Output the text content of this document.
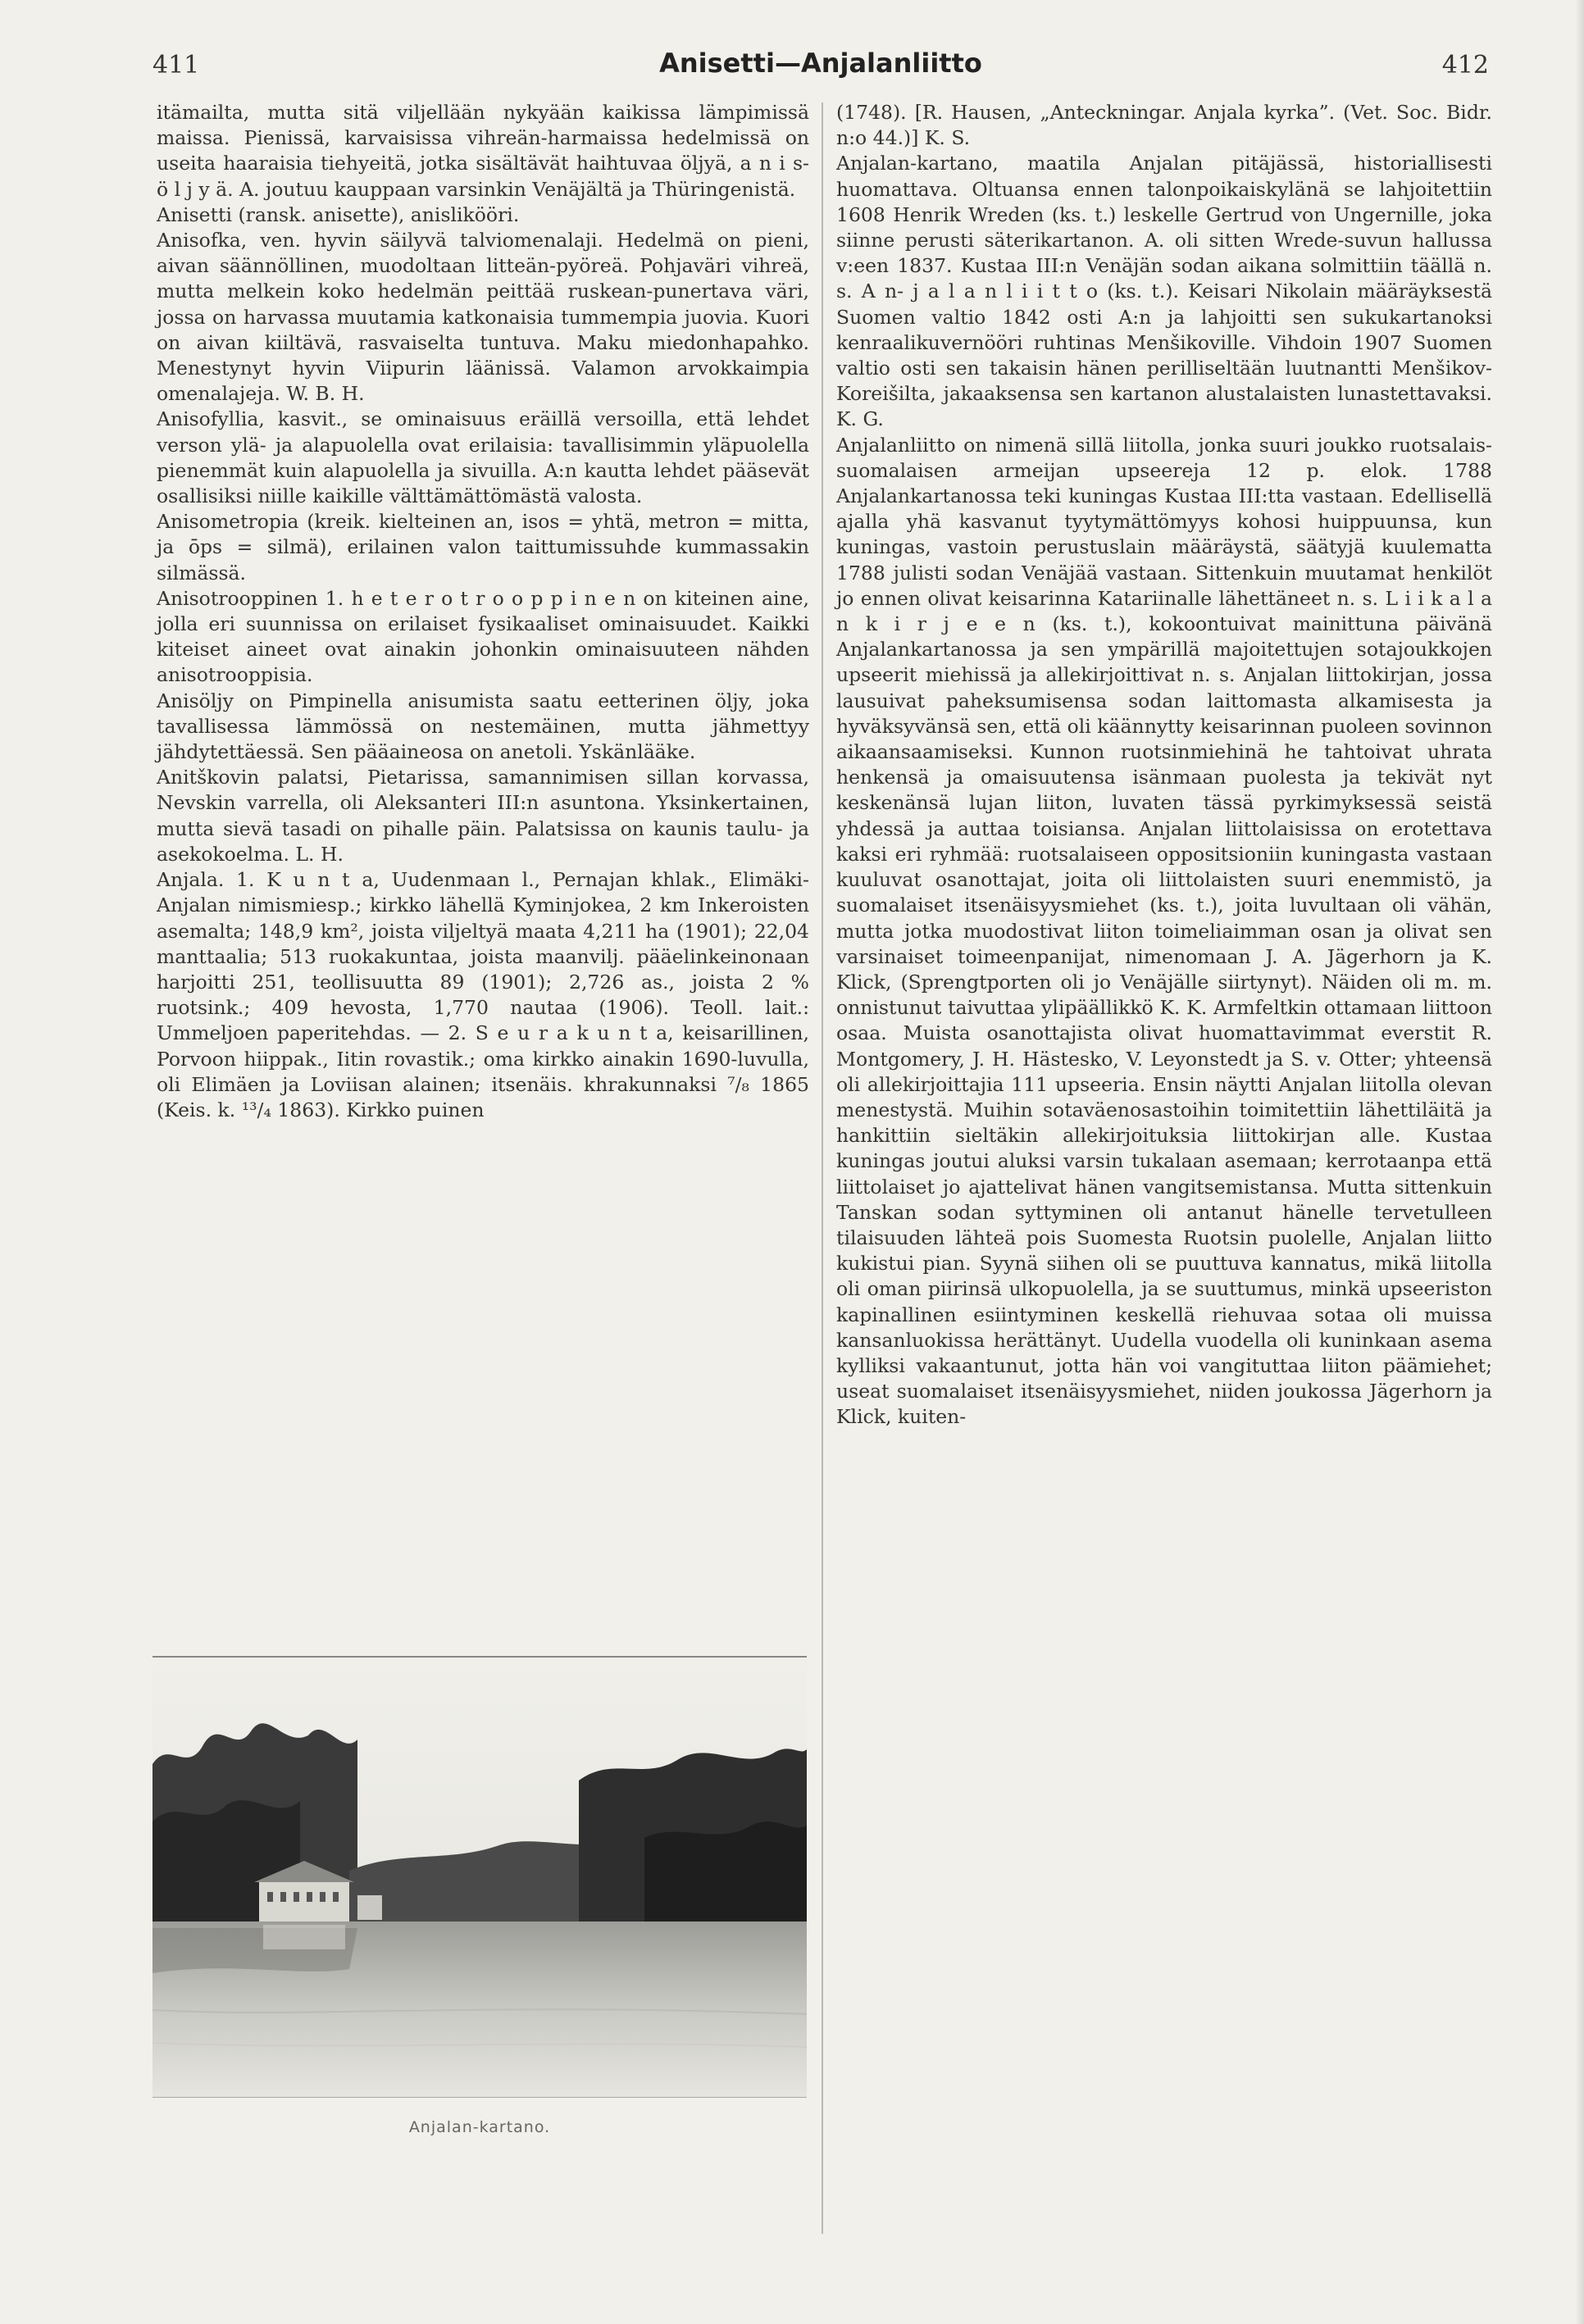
411	Anisetti—Anjalanliitto	412

itämailta, mutta sitä viljellään nykyään kaikissa lämpimissä maissa. Pienissä, karvaisissa vihreän-harmaissa hedelmissä on useita haaraisia tiehyeitä, jotka sisältävät haihtuvaa öljyä, a n i s- ö l j y ä. A. joutuu kauppaan varsinkin Venäjältä ja Thüringenistä.

Anisetti (ransk. anisette), anislikööri.

Anisofka, ven. hyvin säilyvä talviomenalaji. Hedelmä on pieni, aivan säännöllinen, muodoltaan litteän-pyöreä. Pohjaväri vihreä, mutta melkein koko hedelmän peittää ruskean-punertava väri, jossa on harvassa muutamia katkonaisia tummempia juovia. Kuori on aivan kiiltävä, rasvaiselta tuntuva. Maku miedonhapahko. Menestynyt hyvin Viipurin läänissä. Valamon arvokkaimpia omenalajeja. W. B. H.

Anisofyllia, kasvit., se ominaisuus eräillä versoilla, että lehdet verson ylä- ja alapuolella ovat erilaisia: tavallisimmin yläpuolella pienemmät kuin alapuolella ja sivuilla. A:n kautta lehdet pääsevät osallisiksi niille kaikille välttämättömästä valosta.

Anisometropia (kreik. kielteinen an, isos = yhtä, metron = mitta, ja ōps = silmä), erilainen valon taittumissuhde kummassakin silmässä.

Anisotrooppinen 1. h e t e r o t r o o p p i n e n on kiteinen aine, jolla eri suunnissa on erilaiset fysikaaliset ominaisuudet. Kaikki kiteiset aineet ovat ainakin johonkin ominaisuuteen nähden anisotrooppisia.

Anisöljy on Pimpinella anisumista saatu eetterinen öljy, joka tavallisessa lämmössä on nestemäinen, mutta jähmettyy jähdytettäessä. Sen pääaineosa on anetoli. Yskänlääke.

Anitškovin palatsi, Pietarissa, samannimisen sillan korvassa, Nevskin varrella, oli Aleksanteri III:n asuntona. Yksinkertainen, mutta sievä tasadi on pihalle päin. Palatsissa on kaunis taulu- ja asekokoelma. L. H.

Anjala. 1. K u n t a, Uudenmaan l., Pernajan khlak., Elimäki-Anjalan nimismiesp.; kirkko lähellä Kyminjokea, 2 km Inkeroisten asemalta; 148,9 km², joista viljeltyä maata 4,211 ha (1901); 22,04 manttaalia; 513 ruokakuntaa, joista maanvilj. pääelinkeinonaan harjoitti 251, teollisuutta 89 (1901); 2,726 as., joista 2 % ruotsink.; 409 hevosta, 1,770 nautaa (1906). Teoll. lait.: Ummeljoen paperitehdas. — 2. S e u r a k u n t a, keisarillinen, Porvoon hiippak., Iitin rovastik.; oma kirkko ainakin 1690-luvulla, oli Elimäen ja Loviisan alainen; itsenäis. khrakunnaksi ⁷/₈ 1865 (Keis. k. ¹³/₄ 1863). Kirkko puinen

(1748). [R. Hausen, „Anteckningar. Anjala kyrka”. (Vet. Soc. Bidr. n:o 44.)] K. S.

Anjalan-kartano, maatila Anjalan pitäjässä, historiallisesti huomattava. Oltuansa ennen talonpoikaiskylänä se lahjoitettiin 1608 Henrik Wreden (ks. t.) leskelle Gertrud von Ungernille, joka siinne perusti säterikartanon. A. oli sitten Wrede-suvun hallussa v:een 1837. Kustaa III:n Venäjän sodan aikana solmittiin täällä n. s. A n- j a l a n l i i t t o (ks. t.). Keisari Nikolain määräyksestä Suomen valtio 1842 osti A:n ja lahjoitti sen sukukartanoksi kenraalikuvernööri ruhtinas Menšikoville. Vihdoin 1907 Suomen valtio osti sen takaisin hänen perilliseltään luutnantti Menšikov-Koreišilta, jakaaksensa sen kartanon alustalaisten lunastettavaksi. K. G.

Anjalanliitto on nimenä sillä liitolla, jonka suuri joukko ruotsalais-suomalaisen armeijan upseereja 12 p. elok. 1788 Anjalankartanossa teki kuningas Kustaa III:tta vastaan. Edellisellä ajalla yhä kasvanut tyytymättömyys kohosi huippuunsa, kun kuningas, vastoin perustuslain määräystä, säätyjä kuulematta 1788 julisti sodan Venäjää vastaan. Sittenkuin muutamat henkilöt jo ennen olivat keisarinna Katariinalle lähettäneet n. s. L i i k a l a n k i r j e e n (ks. t.), kokoontuivat mainittuna päivänä Anjalankartanossa ja sen ympärillä majoitettujen sotajoukkojen upseerit miehissä ja allekirjoittivat n. s. Anjalan liittokirjan, jossa lausuivat paheksumisensa sodan laittomasta alkamisesta ja hyväksyvänsä sen, että oli käännytty keisarinnan puoleen sovinnon aikaansaamiseksi. Kunnon ruotsinmiehinä he tahtoivat uhrata henkensä ja omaisuutensa isänmaan puolesta ja tekivät nyt keskenänsä lujan liiton, luvaten tässä pyrkimyksessä seistä yhdessä ja auttaa toisiansa. Anjalan liittolaisissa on erotettava kaksi eri ryhmää: ruotsalaiseen oppositsioniin kuningasta vastaan kuuluvat osanottajat, joita oli liittolaisten suuri enemmistö, ja suomalaiset itsenäisyysmiehet (ks. t.), joita luvultaan oli vähän, mutta jotka muodostivat liiton toimeliaimman osan ja olivat sen varsinaiset toimeenpanijat, nimenomaan J. A. Jägerhorn ja K. Klick, (Sprengtporten oli jo Venäjälle siirtynyt). Näiden oli m. m. onnistunut taivuttaa ylipäällikkö K. K. Armfeltkin ottamaan liittoon osaa. Muista osanottajista olivat huomattavimmat everstit R. Montgomery, J. H. Hästesko, V. Leyonstedt ja S. v. Otter; yhteensä oli allekirjoittajia 111 upseeria. Ensin näytti Anjalan liitolla olevan menestystä. Muihin sotaväenosastoihin toimitettiin lähettiläitä ja hankittiin sieltäkin allekirjoituksia liittokirjan alle. Kustaa kuningas joutui aluksi varsin tukalaan asemaan; kerrotaanpa että liittolaiset jo ajattelivat hänen vangitsemistansa. Mutta sittenkuin Tanskan sodan syttyminen oli antanut hänelle tervetulleen tilaisuuden lähteä pois Suomesta Ruotsin puolelle, Anjalan liitto kukistui pian. Syynä siihen oli se puuttuva kannatus, mikä liitolla oli oman piirinsä ulkopuolella, ja se suuttumus, minkä upseeriston kapinallinen esiintyminen keskellä riehuvaa sotaa oli muissa kansanluokissa herättänyt. Uudella vuodella oli kuninkaan asema kylliksi vakaantunut, jotta hän voi vangituttaa liiton päämiehet; useat suomalaiset itsenäisyysmiehet, niiden joukossa Jägerhorn ja Klick, kuiten-

Anjalan-kartano.
